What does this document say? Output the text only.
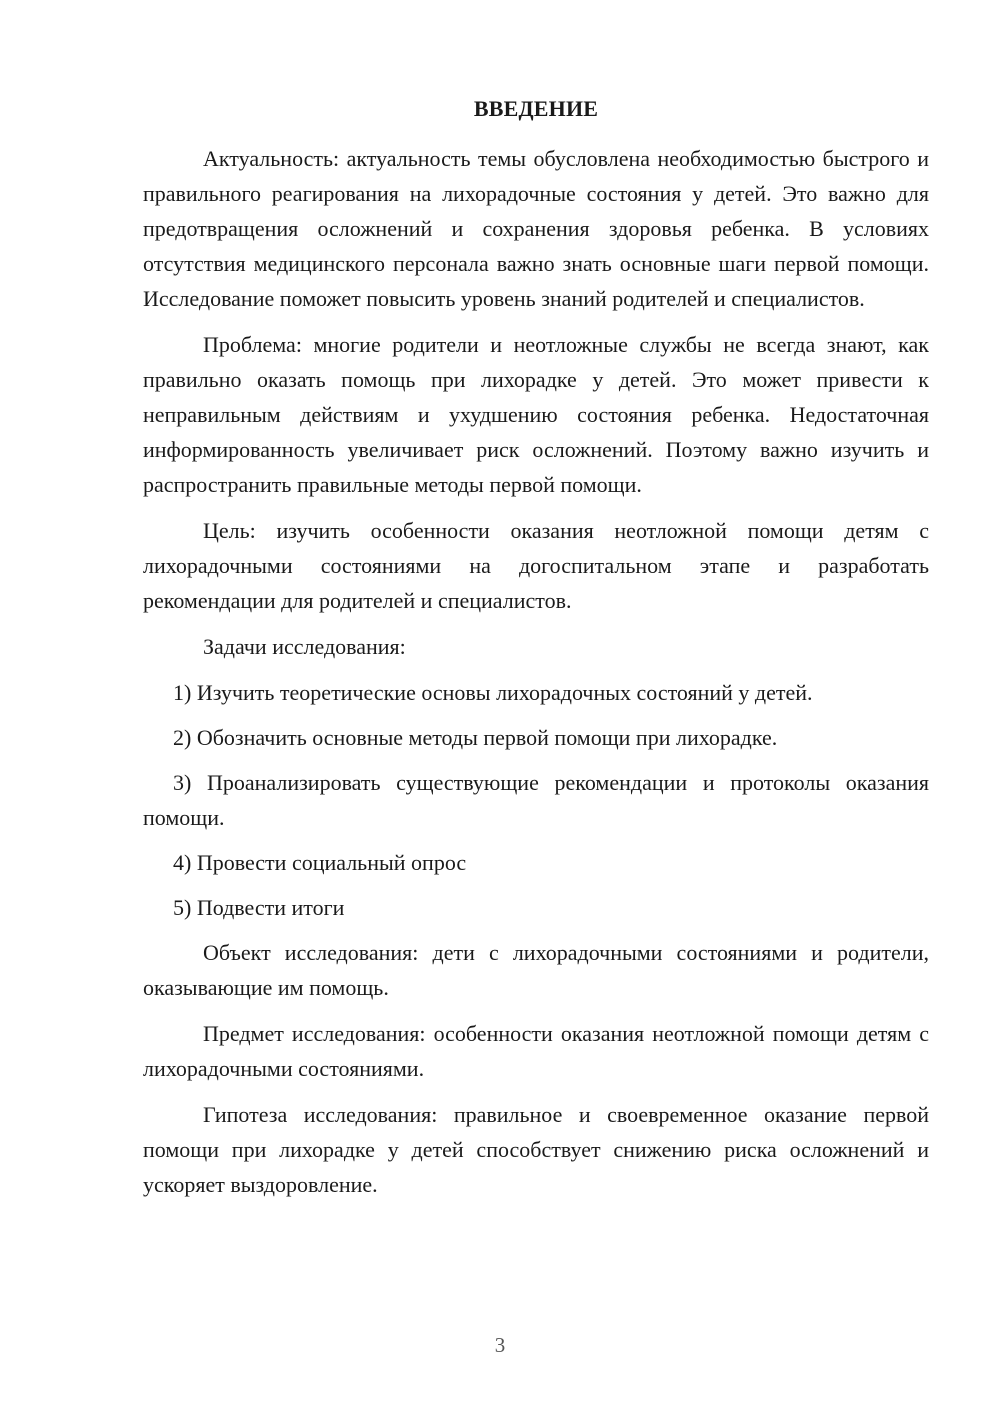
ВВЕДЕНИЕ

Актуальность: актуальность темы обусловлена необходимостью быстрого и правильного реагирования на лихорадочные состояния у детей. Это важно для предотвращения осложнений и сохранения здоровья ребенка. В условиях отсутствия медицинского персонала важно знать основные шаги первой помощи. Исследование поможет повысить уровень знаний родителей и специалистов.

Проблема: многие родители и неотложные службы не всегда знают, как правильно оказать помощь при лихорадке у детей. Это может привести к неправильным действиям и ухудшению состояния ребенка. Недостаточная информированность увеличивает риск осложнений. Поэтому важно изучить и распространить правильные методы первой помощи.

Цель: изучить особенности оказания неотложной помощи детям с лихорадочными состояниями на догоспитальном этапе и разработать рекомендации для родителей и специалистов.

Задачи исследования:

1) Изучить теоретические основы лихорадочных состояний у детей.

2) Обозначить основные методы первой помощи при лихорадке.

3) Проанализировать существующие рекомендации и протоколы оказания помощи.

4) Провести социальный опрос

5) Подвести итоги

Объект исследования: дети с лихорадочными состояниями и родители, оказывающие им помощь.

Предмет исследования: особенности оказания неотложной помощи детям с лихорадочными состояниями.

Гипотеза исследования: правильное и своевременное оказание первой помощи при лихорадке у детей способствует снижению риска осложнений и ускоряет выздоровление.

3
